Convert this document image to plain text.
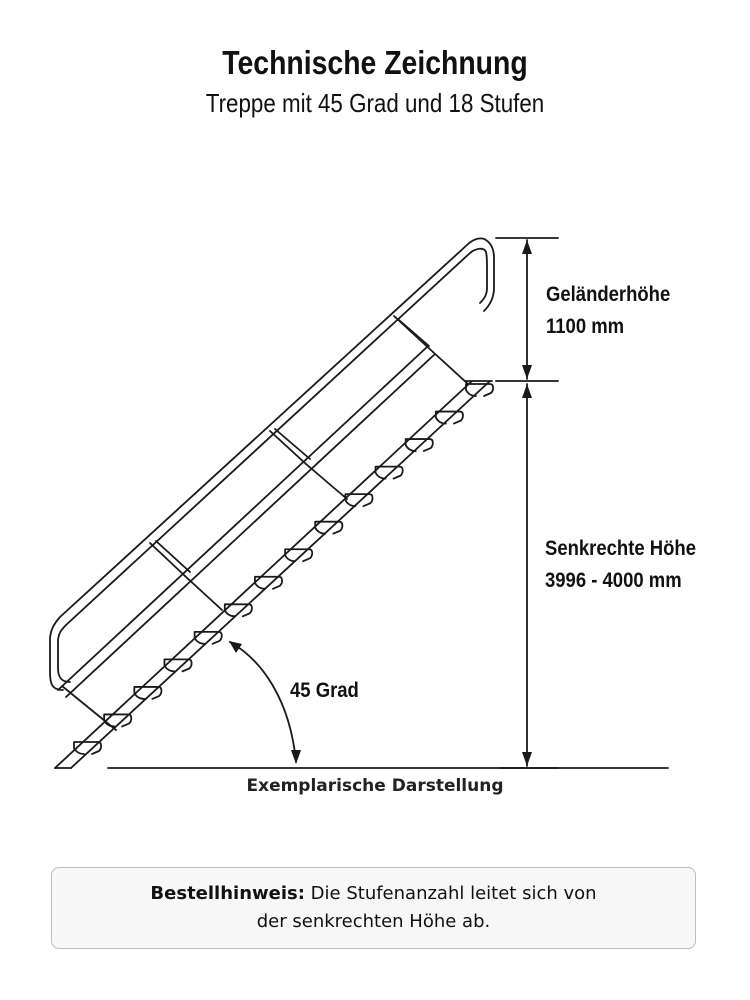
Technische Zeichnung
Treppe mit 45 Grad und 18 Stufen
Geländerhöhe
1100 mm
Senkrechte Höhe
3996 - 4000 mm
45 Grad
Exemplarische Darstellung
Bestellhinweis: Die Stufenanzahl leitet sich von der senkrechten Höhe ab.
